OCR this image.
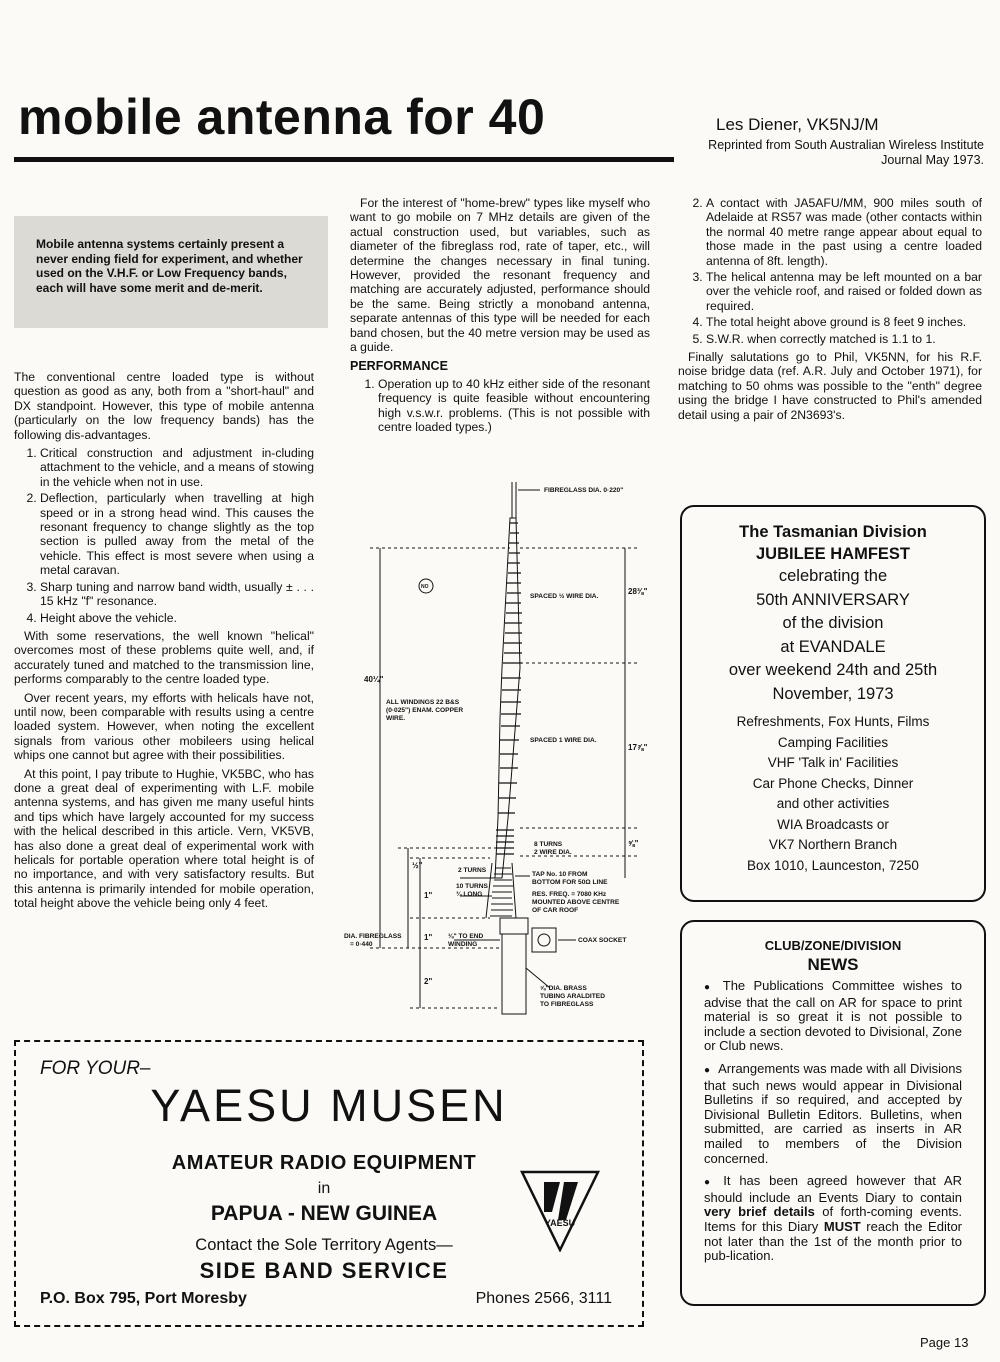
mobile antenna for 40	Les Diener, VK5NJ/M
Reprinted from South Australian Wireless Institute Journal May 1973.
Mobile antenna systems certainly present a never ending field for experiment, and whether used on the V.H.F. or Low Frequency bands, each will have some merit and de-merit.

The conventional centre loaded type is without question as good as any, both from a "short-haul" and DX standpoint. However, this type of mobile antenna (particularly on the low frequency bands) has the following dis-advantages.

1. Critical construction and adjustment in-cluding attachment to the vehicle, and a means of stowing in the vehicle when not in use.
2. Deflection, particularly when travelling at high speed or in a strong head wind. This causes the resonant frequency to change slightly as the top section is pulled away from the metal of the vehicle. This effect is most severe when using a metal caravan.
3. Sharp tuning and narrow band width, usually ± . . . 15 kHz "f" resonance.
4. Height above the vehicle.

With some reservations, the well known "helical" overcomes most of these problems quite well, and, if accurately tuned and matched to the transmission line, performs comparably to the centre loaded type.

Over recent years, my efforts with helicals have not, until now, been comparable with results using a centre loaded system. However, when noting the excellent signals from various other mobileers using helical whips one cannot but agree with their possibilities.

At this point, I pay tribute to Hughie, VK5BC, who has done a great deal of experimenting with L.F. mobile antenna systems, and has given me many useful hints and tips which have largely accounted for my success with the helical described in this article. Vern, VK5VB, has also done a great deal of experimental work with helicals for portable operation where total height is of no importance, and with very satisfactory results. But this antenna is primarily intended for mobile operation, total height above the vehicle being only 4 feet.

For the interest of "home-brew" types like myself who want to go mobile on 7 MHz details are given of the actual construction used, but variables, such as diameter of the fibreglass rod, rate of taper, etc., will determine the changes necessary in final tuning. However, provided the resonant frequency and matching are accurately adjusted, performance should be the same. Being strictly a monoband antenna, separate antennas of this type will be needed for each band chosen, but the 40 metre version may be used as a guide.

PERFORMANCE
1. Operation up to 40 kHz either side of the resonant frequency is quite feasible without encountering high v.s.w.r. problems. (This is not possible with centre loaded types.)
FIBREGLASS DIA. 0·220"
SPACED ½ WIRE DIA.
28⅜"
NO
40¼"
ALL WINDINGS 22 B&S
(0·025") ENAM. COPPER
WIRE.
SPACED 1 WIRE DIA.
17⅞"
8 TURNS
2 WIRE DIA.
⅝"
½"
2 TURNS
TAP No. 10 FROM
BOTTOM FOR 50Ω LINE
10 TURNS
¾ LONG	RES. FREQ. = 7080 KHz
MOUNTED ABOVE CENTRE
OF CAR ROOF
1"
1"
DIA. FIBREGLASS
= 0·440
⅛" TO END
WINDING
COAX SOCKET
2"
⅝"DIA. BRASS
TUBING ARALDITED
TO FIBREGLASS
2. A contact with JA5AFU/MM, 900 miles south of Adelaide at RS57 was made (other contacts within the normal 40 metre range appear about equal to those made in the past using a centre loaded antenna of 8ft. length).
3. The helical antenna may be left mounted on a bar over the vehicle roof, and raised or folded down as required.
4. The total height above ground is 8 feet 9 inches.
5. S.W.R. when correctly matched is 1.1 to 1.

Finally salutations go to Phil, VK5NN, for his R.F. noise bridge data (ref. A.R. July and October 1971), for matching to 50 ohms was possible to the "enth" degree using the bridge I have constructed to Phil's amended detail using a pair of 2N3693's.

The Tasmanian Division
JUBILEE HAMFEST
celebrating the
50th ANNIVERSARY
of the division
at EVANDALE
over weekend 24th and 25th
November, 1973
Refreshments, Fox Hunts, Films
Camping Facilities
VHF 'Talk in' Facilities
Car Phone Checks, Dinner
and other activities
WIA Broadcasts or
VK7 Northern Branch
Box 1010, Launceston, 7250
CLUB/ZONE/DIVISION
NEWS

● The Publications Committee wishes to advise that the call on AR for space to print material is so great it is not possible to include a section devoted to Divisional, Zone or Club news.

● Arrangements was made with all Divisions that such news would appear in Divisional Bulletins if so required, and accepted by Divisional Bulletin Editors. Bulletins, when submitted, are carried as inserts in AR mailed to members of the Division concerned.

● It has been agreed however that AR should include an Events Diary to contain very brief details of forth-coming events. Items for this Diary MUST reach the Editor not later than the 1st of the month prior to pub-lication.

FOR YOUR–
YAESU MUSEN
AMATEUR RADIO EQUIPMENT
in
PAPUA - NEW GUINEA
Contact the Sole Territory Agents—
SIDE BAND SERVICE
P.O. Box 795, Port Moresby	Phones 2566, 3111
YAESU
Page 13
